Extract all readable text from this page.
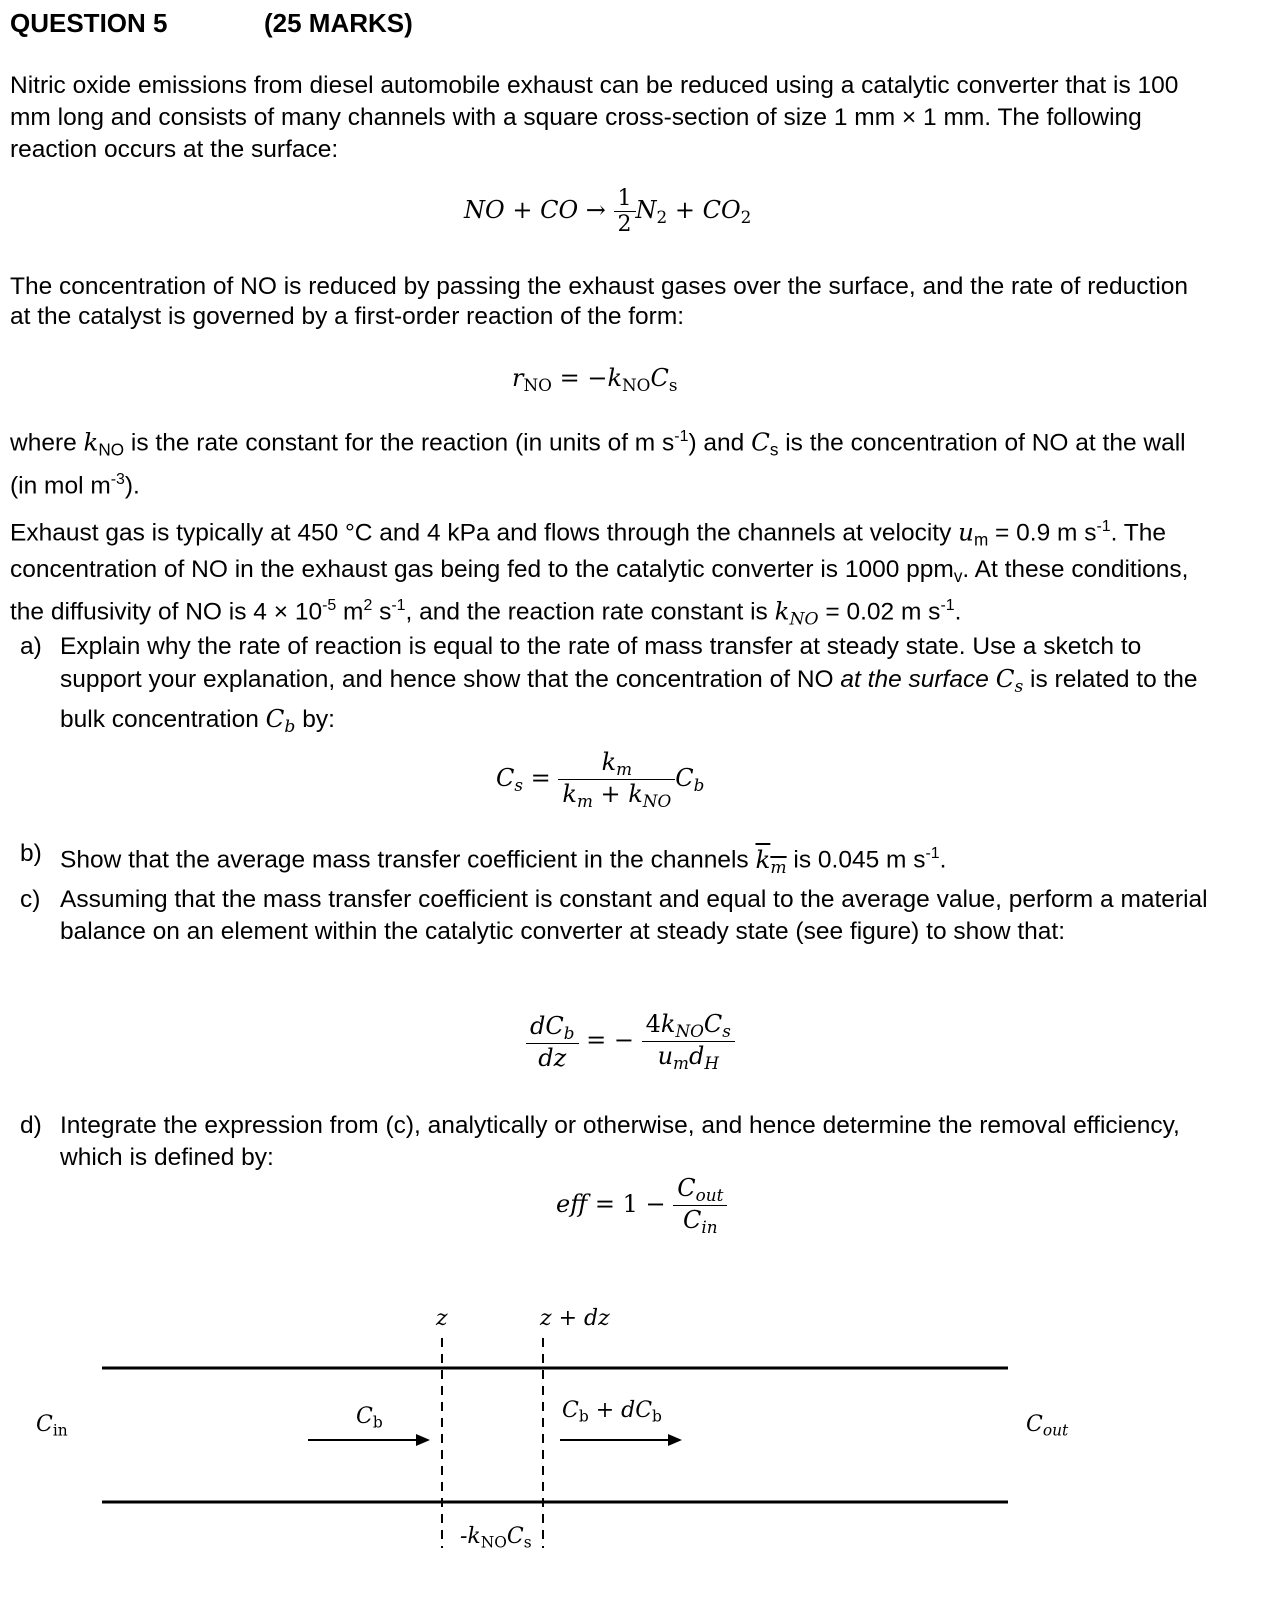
QUESTION 5	(25 MARKS)

Nitric oxide emissions from diesel automobile exhaust can be reduced using a catalytic converter that is 100 mm long and consists of many channels with a square cross-section of size 1 mm × 1 mm. The following reaction occurs at the surface:

NO + CO → $\frac{1}{2} N_2 + CO_2$

The concentration of NO is reduced by passing the exhaust gases over the surface, and the rate of reduction at the catalyst is governed by a first-order reaction of the form:

$r_{NO} = -k_{NO}C_s$

where $k_{NO}$ is the rate constant for the reaction (in units of m $s^{-1}$) and $C_s$ is the concentration of NO at the wall (in mol $m^{-3}$).

Exhaust gas is typically at 450 °C and 4 kPa and flows through the channels at velocity $u_m = 0.9$ m $s^{-1}$. The concentration of NO in the exhaust gas being fed to the catalytic converter is 1000 ppm$_v$. At these conditions, the diffusivity of NO is $4 \times 10^{-5}$ $m^2$ $s^{-1}$, and the reaction rate constant is $k_{NO} = 0.02$ m $s^{-1}$.

a) Explain why the rate of reaction is equal to the rate of mass transfer at steady state. Use a sketch to support your explanation, and hence show that the concentration of NO at the surface $C_s$ is related to the bulk concentration $C_b$ by:
$C_s = \frac{k_m}{k_m + k_{NO}} C_b$
b) Show that the average mass transfer coefficient in the channels $k_m$ is 0.045 m $s^{-1}$.
c) Assuming that the mass transfer coefficient is constant and equal to the average value, perform a material balance on an element within the catalytic converter at steady state (see figure) to show that:
$\frac{dC_b}{dz}$ = − $\frac{4k_{NO}C_s}{u_md_H}$
d) Integrate the expression from (c), analytically or otherwise, and hence determine the removal efficiency, which is defined by:
eff = $1 - \frac{C_{out}}{C_{in}}$
z	z + dz
$C_{in}$	$C_{out}$
$C_b$	$C_b + dC_b$
$-k_{NO}C_s$
